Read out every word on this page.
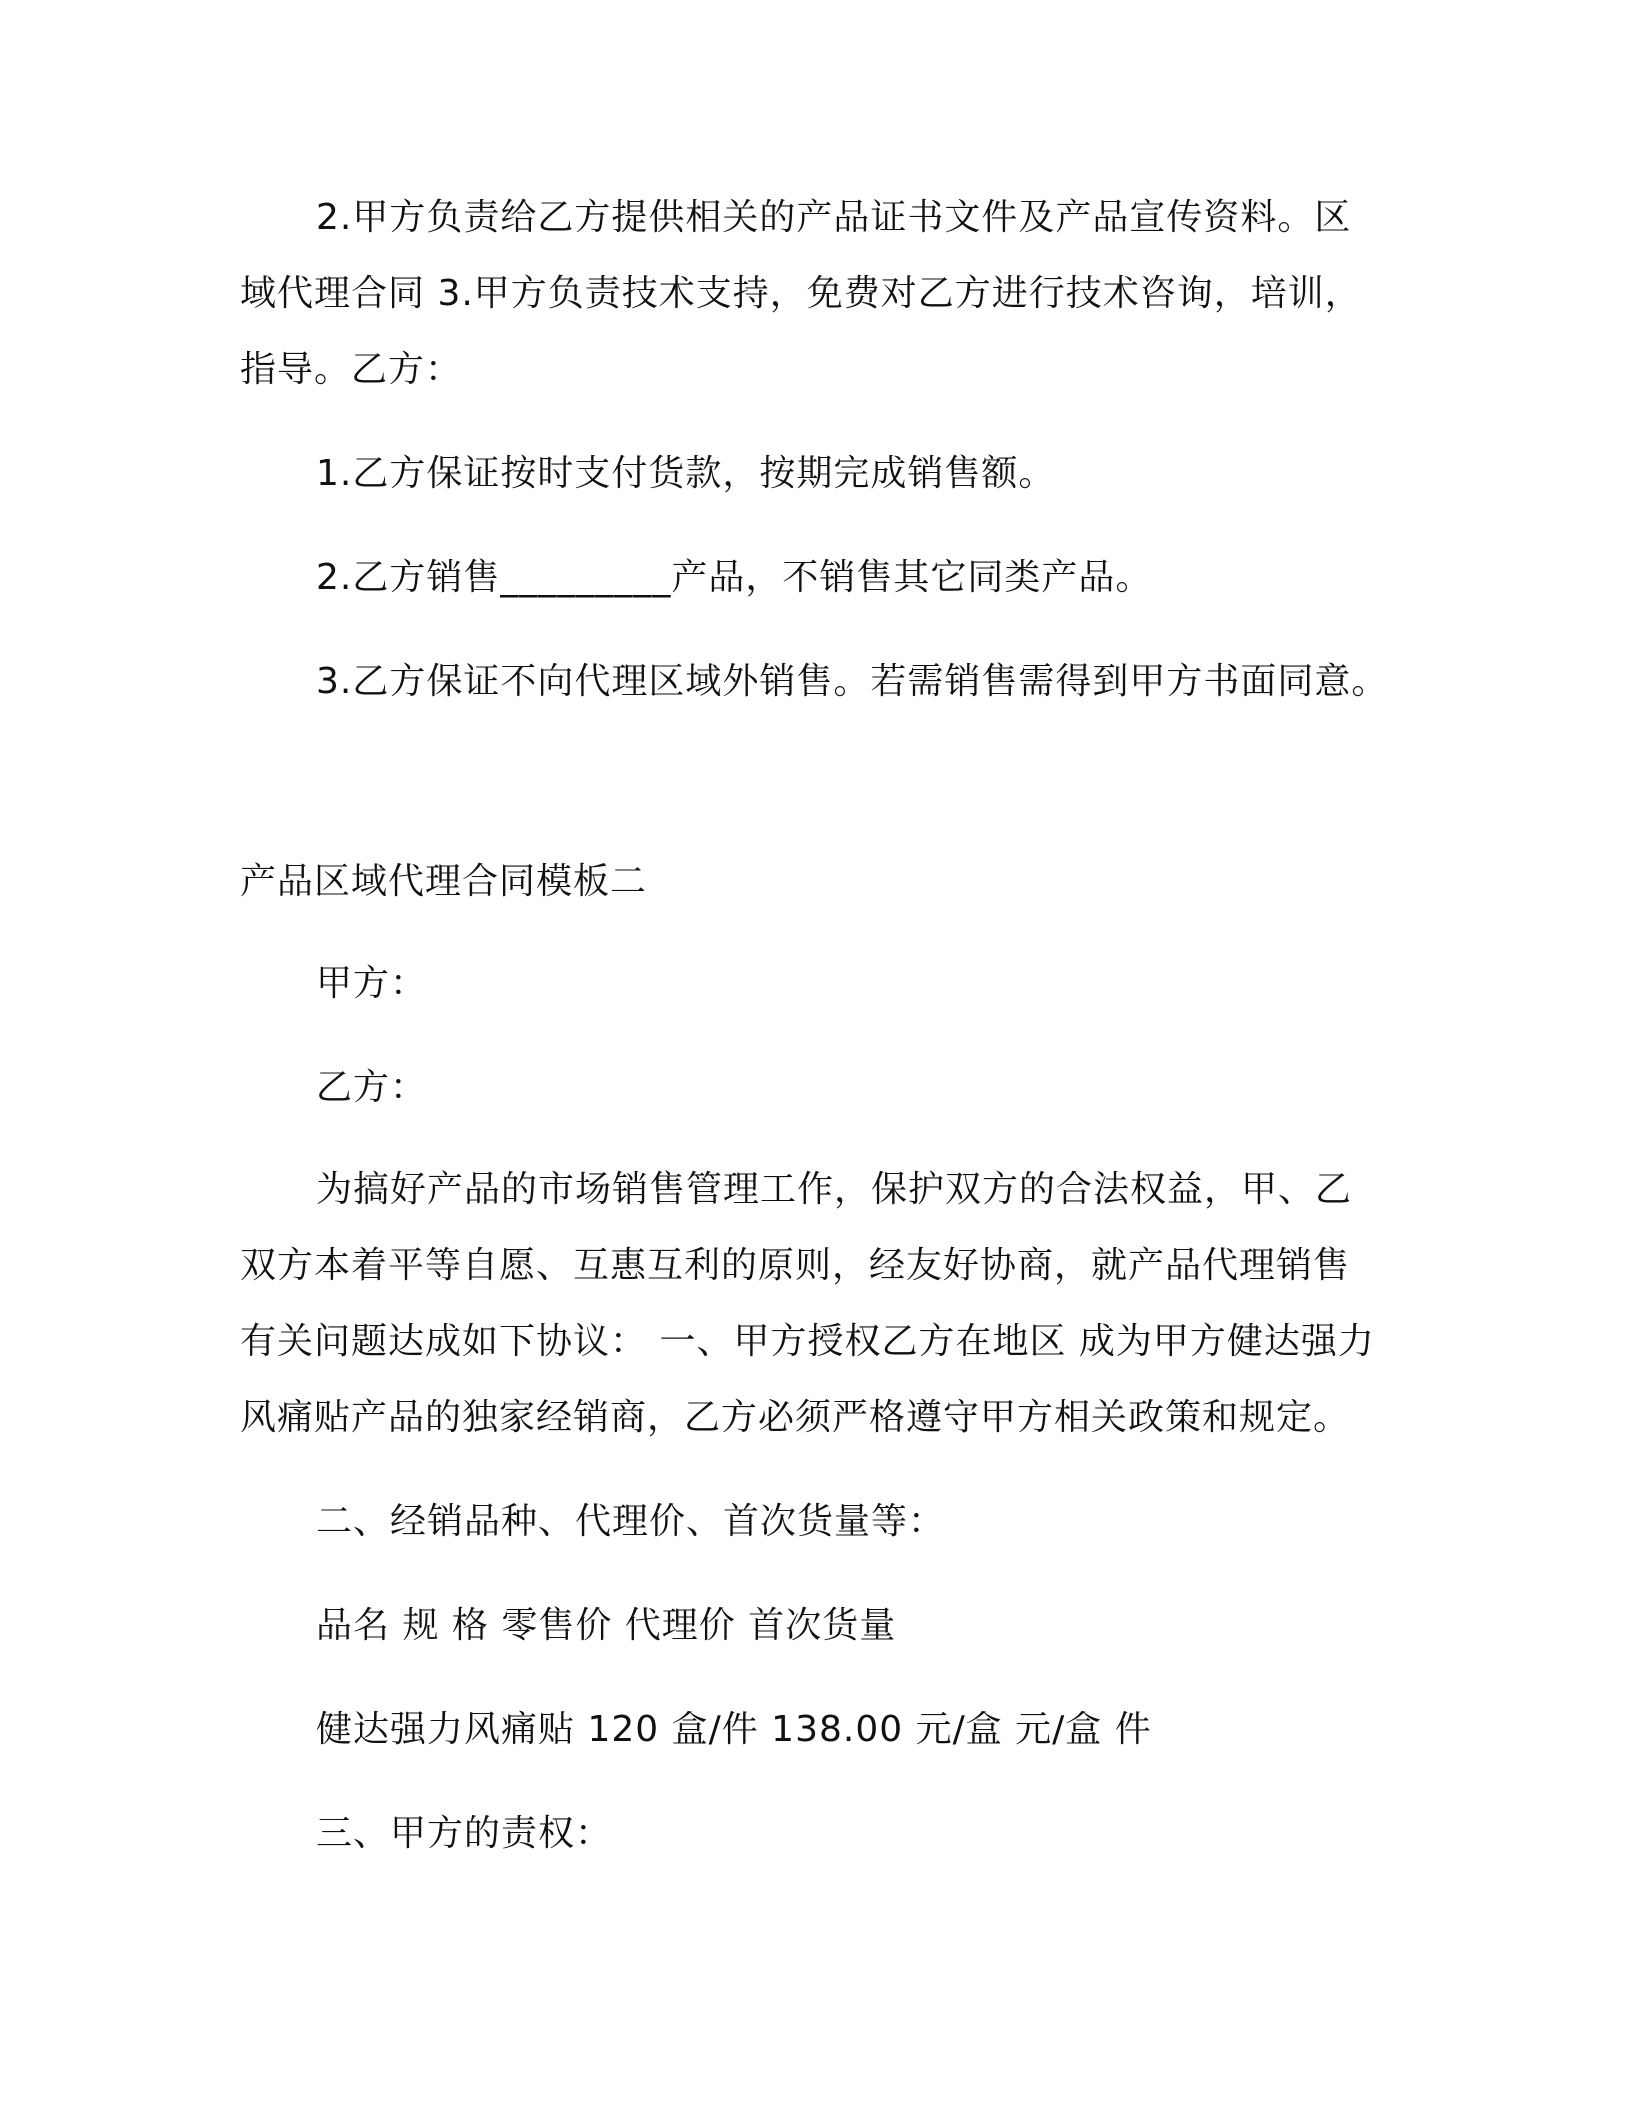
2.甲方负责给乙方提供相关的产品证书文件及产品宣传资料。区
域代理合同 3.甲方负责技术支持，免费对乙方进行技术咨询，培训，
指导。乙方：
1.乙方保证按时支付货款，按期完成销售额。
2.乙方销售_________产品，不销售其它同类产品。
3.乙方保证不向代理区域外销售。若需销售需得到甲方书面同意。
产品区域代理合同模板二
甲方：
乙方：
为搞好产品的市场销售管理工作，保护双方的合法权益，甲、乙
双方本着平等自愿、互惠互利的原则，经友好协商，就产品代理销售
有关问题达成如下协议： 一、甲方授权乙方在地区 成为甲方健达强力
风痛贴产品的独家经销商，乙方必须严格遵守甲方相关政策和规定。
二、经销品种、代理价、首次货量等：
品名 规 格 零售价 代理价 首次货量
健达强力风痛贴 120 盒/件 138.00 元/盒 元/盒 件
三、甲方的责权：
